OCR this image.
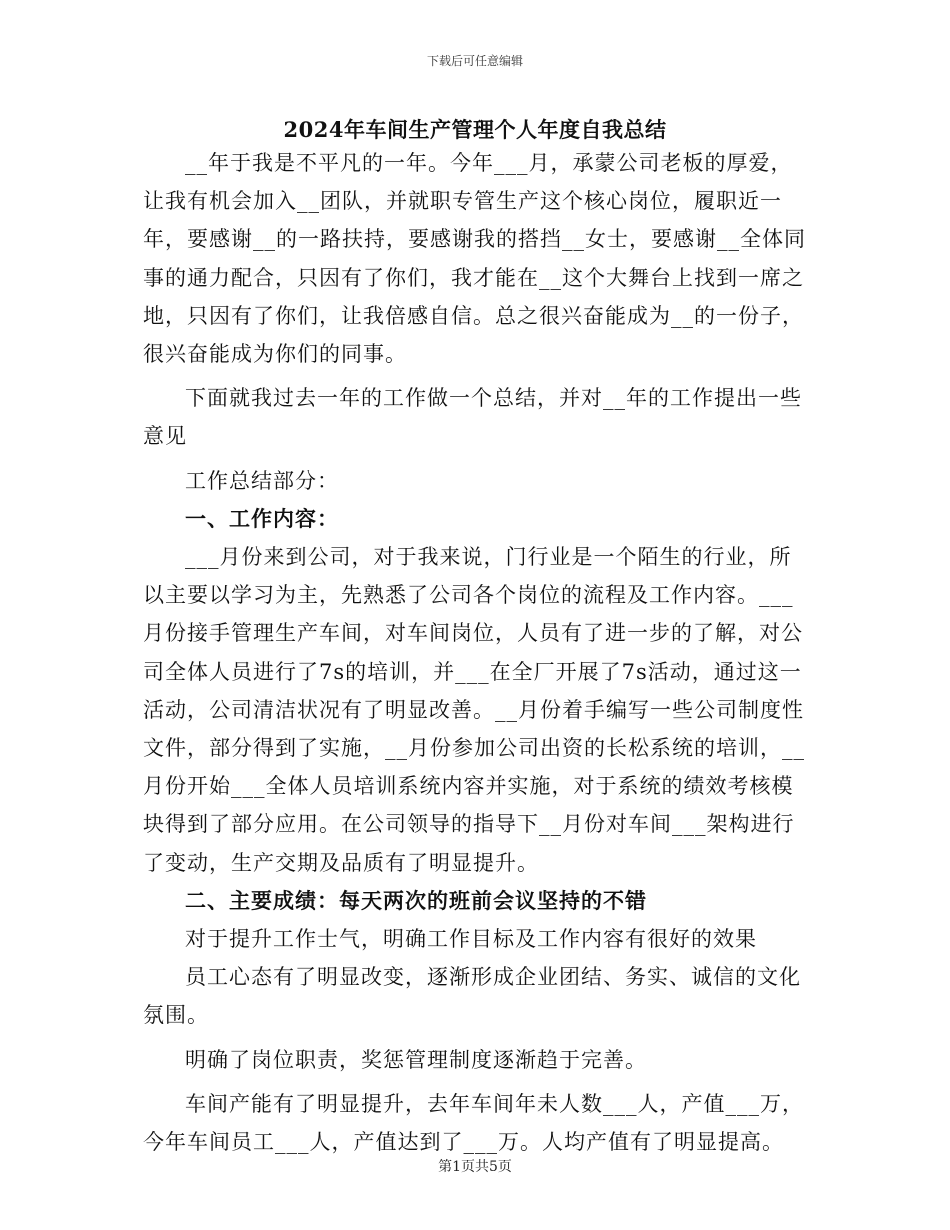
下载后可任意编辑
2024年车间生产管理个人年度自我总结

__年于我是不平凡的一年。今年___月，承蒙公司老板的厚爱，让我有机会加入__团队，并就职专管生产这个核心岗位，履职近一年，要感谢__的一路扶持，要感谢我的搭挡__女士，要感谢__全体同事的通力配合，只因有了你们，我才能在__这个大舞台上找到一席之地，只因有了你们，让我倍感自信。总之很兴奋能成为__的一份子，很兴奋能成为你们的同事。

下面就我过去一年的工作做一个总结，并对__年的工作提出一些意见

工作总结部分：

一、工作内容：

___月份来到公司，对于我来说，门行业是一个陌生的行业，所以主要以学习为主，先熟悉了公司各个岗位的流程及工作内容。___月份接手管理生产车间，对车间岗位，人员有了进一步的了解，对公司全体人员进行了7s的培训，并___在全厂开展了7s活动，通过这一活动，公司清洁状况有了明显改善。__月份着手编写一些公司制度性文件，部分得到了实施，__月份参加公司出资的长松系统的培训，__月份开始___全体人员培训系统内容并实施，对于系统的绩效考核模块得到了部分应用。在公司领导的指导下__月份对车间___架构进行了变动，生产交期及品质有了明显提升。

二、主要成绩：每天两次的班前会议坚持的不错

对于提升工作士气，明确工作目标及工作内容有很好的效果

员工心态有了明显改变，逐渐形成企业团结、务实、诚信的文化氛围。

明确了岗位职责，奖惩管理制度逐渐趋于完善。

车间产能有了明显提升，去年车间年未人数___人，产值___万，今年车间员工___人，产值达到了___万。人均产值有了明显提高。

第1页共5页
